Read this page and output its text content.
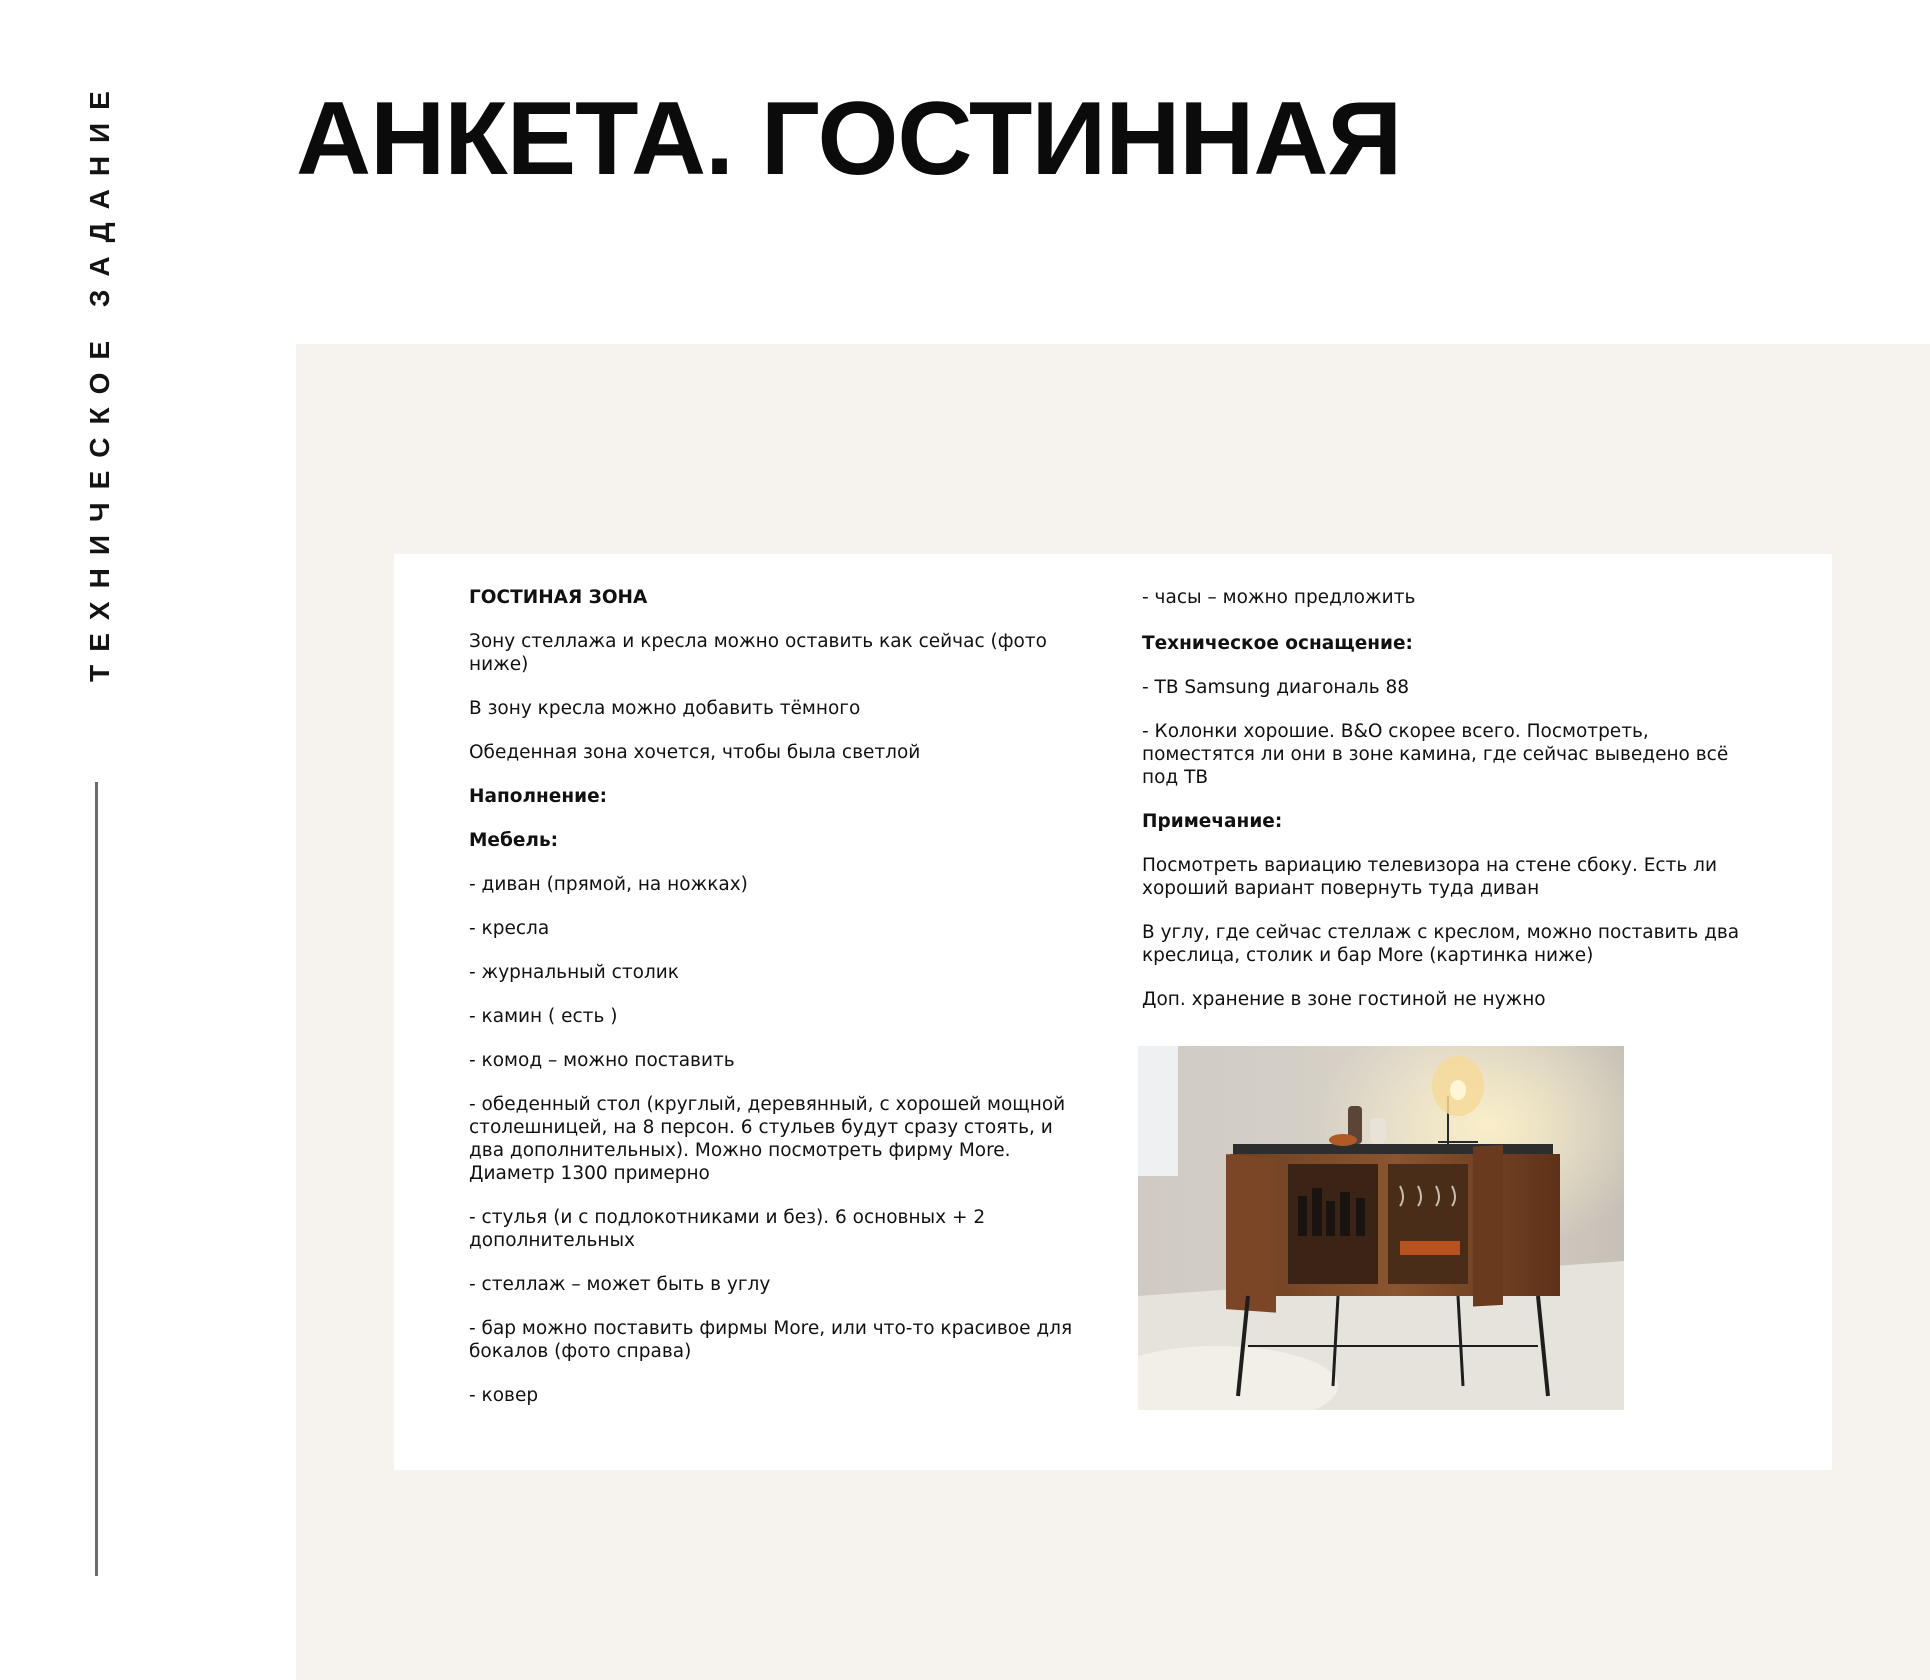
ТЕХНИЧЕСКОЕ ЗАДАНИЕ АНКЕТА. ГОСТИННАЯ

ГОСТИНАЯ ЗОНА

Зону стеллажа и кресла можно оставить как сейчас (фото ниже)

В зону кресла можно добавить тёмного

Обеденная зона хочется, чтобы была светлой

Наполнение:

Мебель:

- диван (прямой, на ножках)

- кресла

- журнальный столик

- камин ( есть )

- комод – можно поставить

- обеденный стол (круглый, деревянный, с хорошей мощной столешницей, на 8 персон. 6 стульев будут сразу стоять, и два дополнительных). Можно посмотреть фирму More. Диаметр 1300 примерно

- стулья (и с подлокотниками и без). 6 основных + 2 дополнительных

- стеллаж – может быть в углу

- бар можно поставить фирмы More, или что-то красивое для бокалов (фото справа)

- ковер

- часы – можно предложить

Техническое оснащение:

- ТВ Samsung диагональ 88

- Колонки хорошие. B&O скорее всего. Посмотреть, поместятся ли они в зоне камина, где сейчас выведено всё под ТВ

Примечание:

Посмотреть вариацию телевизора на стене сбоку. Есть ли хороший вариант повернуть туда диван

В углу, где сейчас стеллаж с креслом, можно поставить два креслица, столик и бар More (картинка ниже)

Доп. хранение в зоне гостиной не нужно
